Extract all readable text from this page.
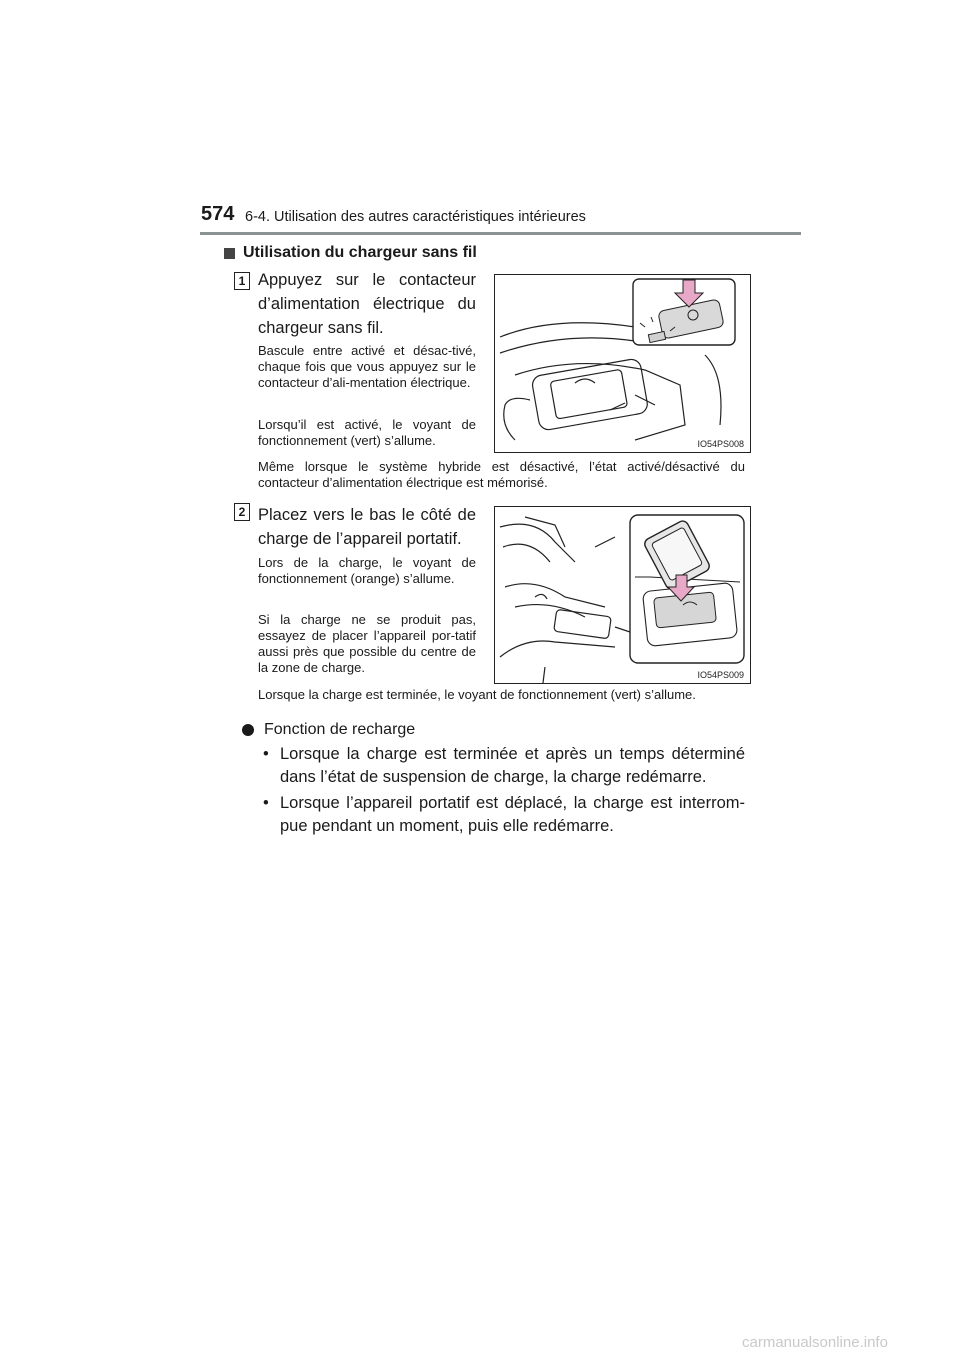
574 6-4. Utilisation des autres caractéristiques intérieures
Utilisation du chargeur sans fil
1 Appuyez sur le contacteur d’alimentation électrique du chargeur sans fil.
Bascule entre activé et désac-tivé, chaque fois que vous appuyez sur le contacteur d’ali-mentation électrique.
Lorsqu’il est activé, le voyant de fonctionnement (vert) s’allume.	IO54PS008
Même lorsque le système hybride est désactivé, l’état activé/désactivé du contacteur d’alimentation électrique est mémorisé.
2 Placez vers le bas le côté de charge de l’appareil portatif.
Lors de la charge, le voyant de fonctionnement (orange) s’allume.
Si la charge ne se produit pas, essayez de placer l’appareil por-tatif aussi près que possible du centre de la zone de charge.	IO54PS009
Lorsque la charge est terminée, le voyant de fonctionnement (vert) s’allume.
Fonction de recharge
• Lorsque la charge est terminée et après un temps déterminé dans l’état de suspension de charge, la charge redémarre.
• Lorsque l’appareil portatif est déplacé, la charge est interrom-pue pendant un moment, puis elle redémarre.
carmanualsonline.info
